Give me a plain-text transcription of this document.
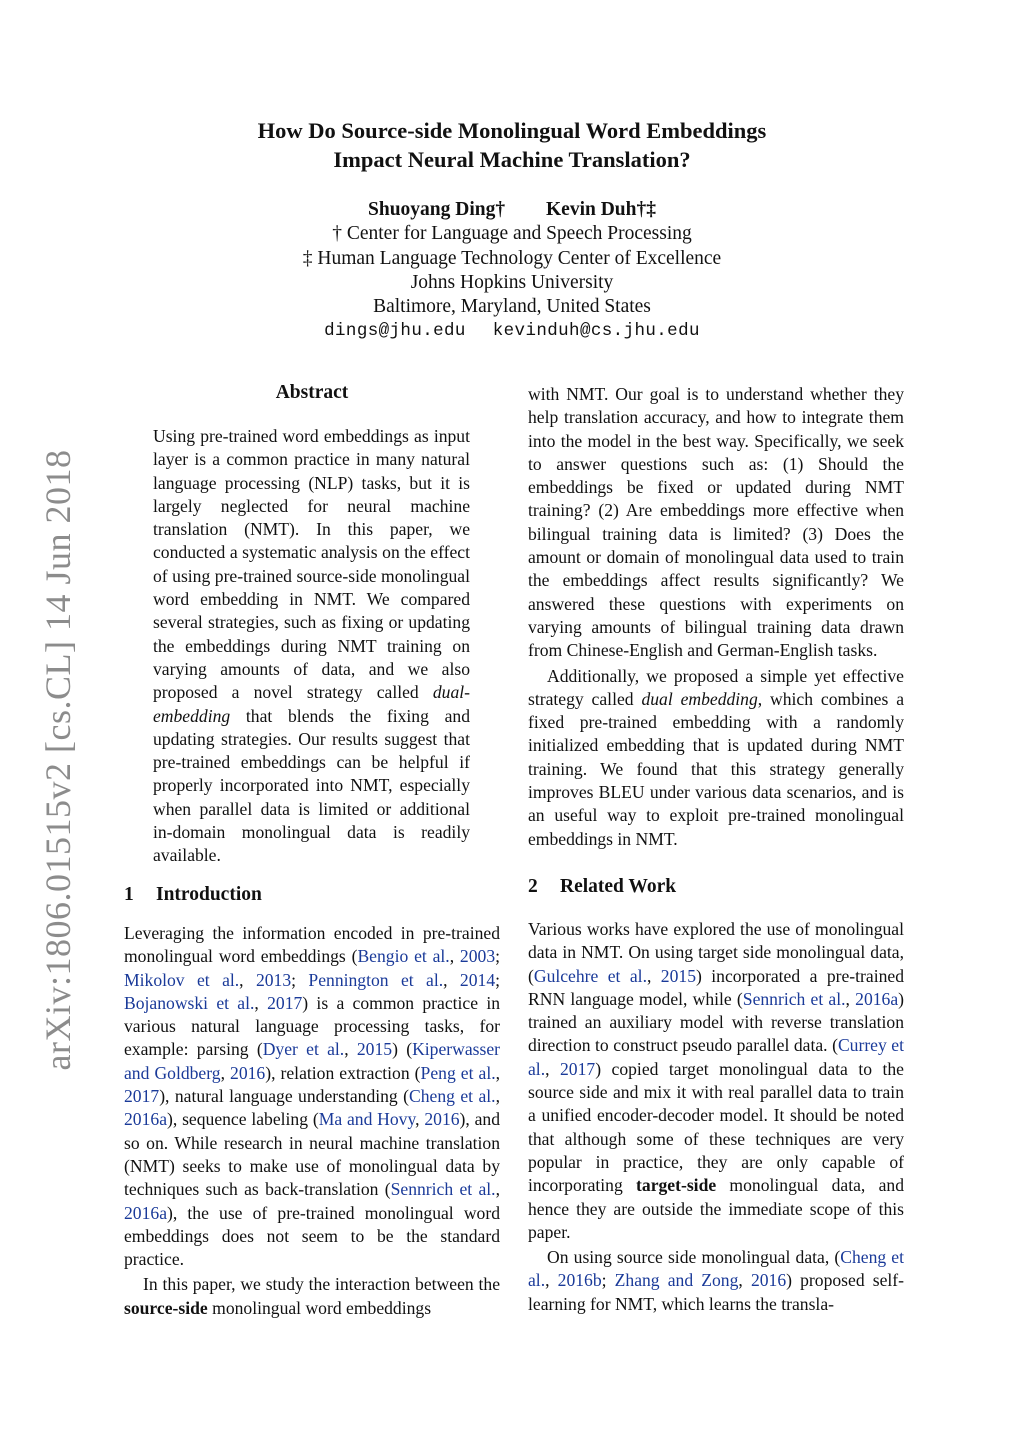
arXiv:1806.01515v2 [cs.CL] 14 Jun 2018
How Do Source-side Monolingual Word Embeddings
Impact Neural Machine Translation?
Shuoyang Ding† Kevin Duh†‡
† Center for Language and Speech Processing
‡ Human Language Technology Center of Excellence
Johns Hopkins University
Baltimore, Maryland, United States
dings@jhu.edu kevinduh@cs.jhu.edu
Abstract

Using pre-trained word embeddings as input layer is a common practice in many natural language processing (NLP) tasks, but it is largely neglected for neural machine translation (NMT). In this paper, we conducted a systematic analysis on the effect of using pre-trained source-side monolingual word embedding in NMT. We compared several strategies, such as fixing or updating the embeddings during NMT training on varying amounts of data, and we also proposed a novel strategy called dual-embedding that blends the fixing and updating strategies. Our results suggest that pre-trained embeddings can be helpful if properly incorporated into NMT, especially when parallel data is limited or additional in-domain monolingual data is readily available.

1 Introduction

Leveraging the information encoded in pre-trained monolingual word embeddings (Bengio et al., 2003; Mikolov et al., 2013; Pennington et al., 2014; Bojanowski et al., 2017) is a common practice in various natural language processing tasks, for example: parsing (Dyer et al., 2015) (Kiperwasser and Goldberg, 2016), relation extraction (Peng et al., 2017), natural language understanding (Cheng et al., 2016a), sequence labeling (Ma and Hovy, 2016), and so on. While research in neural machine translation (NMT) seeks to make use of monolingual data by techniques such as back-translation (Sennrich et al., 2016a), the use of pre-trained monolingual word embeddings does not seem to be the standard practice.

In this paper, we study the interaction between the source-side monolingual word embeddings

with NMT. Our goal is to understand whether they help translation accuracy, and how to integrate them into the model in the best way. Specifically, we seek to answer questions such as: (1) Should the embeddings be fixed or updated during NMT training? (2) Are embeddings more effective when bilingual training data is limited? (3) Does the amount or domain of monolingual data used to train the embeddings affect results significantly? We answered these questions with experiments on varying amounts of bilingual training data drawn from Chinese-English and German-English tasks.

Additionally, we proposed a simple yet effective strategy called dual embedding, which combines a fixed pre-trained embedding with a randomly initialized embedding that is updated during NMT training. We found that this strategy generally improves BLEU under various data scenarios, and is an useful way to exploit pre-trained monolingual embeddings in NMT.

2 Related Work

Various works have explored the use of monolingual data in NMT. On using target side monolingual data, (Gulcehre et al., 2015) incorporated a pre-trained RNN language model, while (Sennrich et al., 2016a) trained an auxiliary model with reverse translation direction to construct pseudo parallel data. (Currey et al., 2017) copied target monolingual data to the source side and mix it with real parallel data to train a unified encoder-decoder model. It should be noted that although some of these techniques are very popular in practice, they are only capable of incorporating target-side monolingual data, and hence they are outside the immediate scope of this paper.

On using source side monolingual data, (Cheng et al., 2016b; Zhang and Zong, 2016) proposed self-learning for NMT, which learns the transla-
